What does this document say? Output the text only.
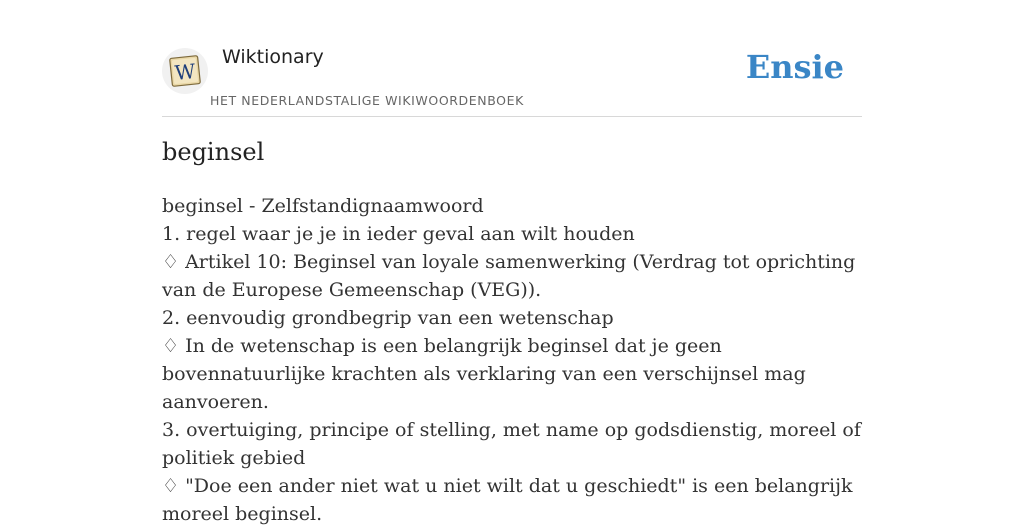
W
Wiktionary
HET NEDERLANDSTALIGE WIKIWOORDENBOEK
Ensie
beginsel
beginsel - Zelfstandignaamwoord
1. regel waar je je in ieder geval aan wilt houden
♢ Artikel 10: Beginsel van loyale samenwerking (Verdrag tot oprichting van de Europese Gemeenschap (VEG)).
2. eenvoudig grondbegrip van een wetenschap
♢ In de wetenschap is een belangrijk beginsel dat je geen bovennatuurlijke krachten als verklaring van een verschijnsel mag aanvoeren.
3. overtuiging, principe of stelling, met name op godsdienstig, moreel of politiek gebied
♢ "Doe een ander niet wat u niet wilt dat u geschiedt" is een belangrijk moreel beginsel.
